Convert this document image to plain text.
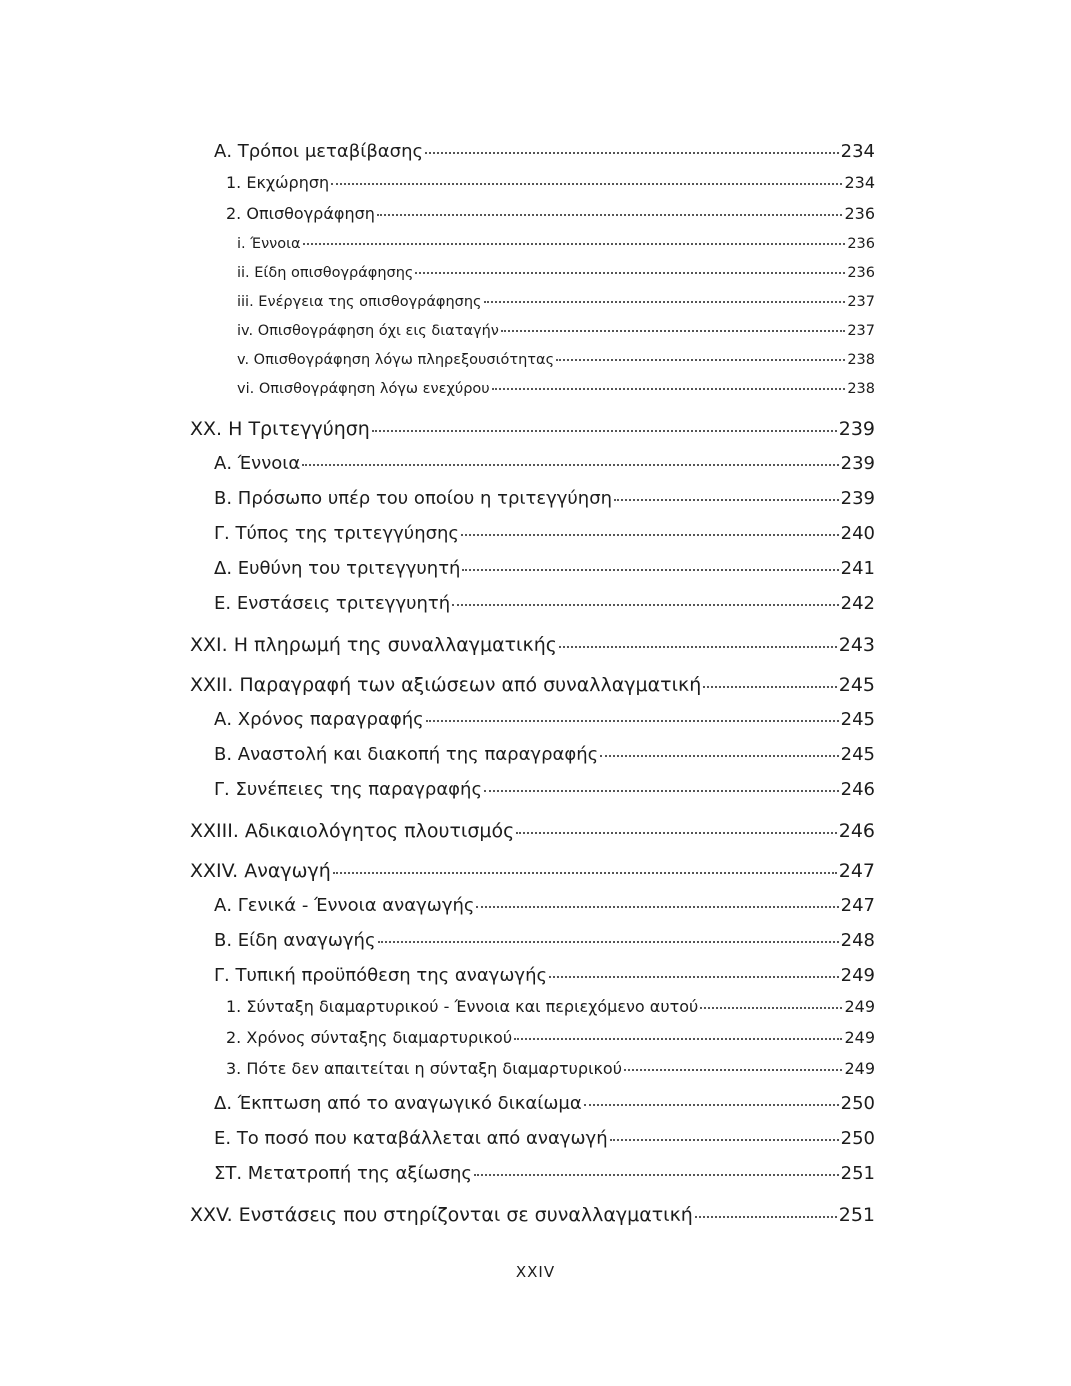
Α. Τρόποι μεταβίβασης	234
1. Εκχώρηση	234
2. Οπισθογράφηση	236
i. Έννοια	236
ii. Είδη οπισθογράφησης	236
iii. Ενέργεια της οπισθογράφησης	237
iv. Οπισθογράφηση όχι εις διαταγήν	237
v. Οπισθογράφηση λόγω πληρεξουσιότητας	238
vi. Οπισθογράφηση λόγω ενεχύρου	238
XX. Η Τριτεγγύηση	239
Α. Έννοια	239
Β. Πρόσωπο υπέρ του οποίου η τριτεγγύηση	239
Γ. Τύπος της τριτεγγύησης	240
Δ. Ευθύνη του τριτεγγυητή	241
Ε. Ενστάσεις τριτεγγυητή	242
XXI. Η πληρωμή της συναλλαγματικής	243
XXII. Παραγραφή των αξιώσεων από συναλλαγματική	245
Α. Χρόνος παραγραφής	245
Β. Αναστολή και διακοπή της παραγραφής	245
Γ. Συνέπειες της παραγραφής	246
XXIII. Αδικαιολόγητος πλουτισμός	246
XXIV. Αναγωγή	247
Α. Γενικά - Έννοια αναγωγής	247
Β. Είδη αναγωγής	248
Γ. Τυπική προϋπόθεση της αναγωγής	249
1. Σύνταξη διαμαρτυρικού - Έννοια και περιεχόμενο αυτού	249
2. Χρόνος σύνταξης διαμαρτυρικού	249
3. Πότε δεν απαιτείται η σύνταξη διαμαρτυρικού	249
Δ. Έκπτωση από το αναγωγικό δικαίωμα	250
Ε. Το ποσό που καταβάλλεται από αναγωγή	250
ΣΤ. Μετατροπή της αξίωσης	251
XXV. Ενστάσεις που στηρίζονται σε συναλλαγματική	251
XXIV
